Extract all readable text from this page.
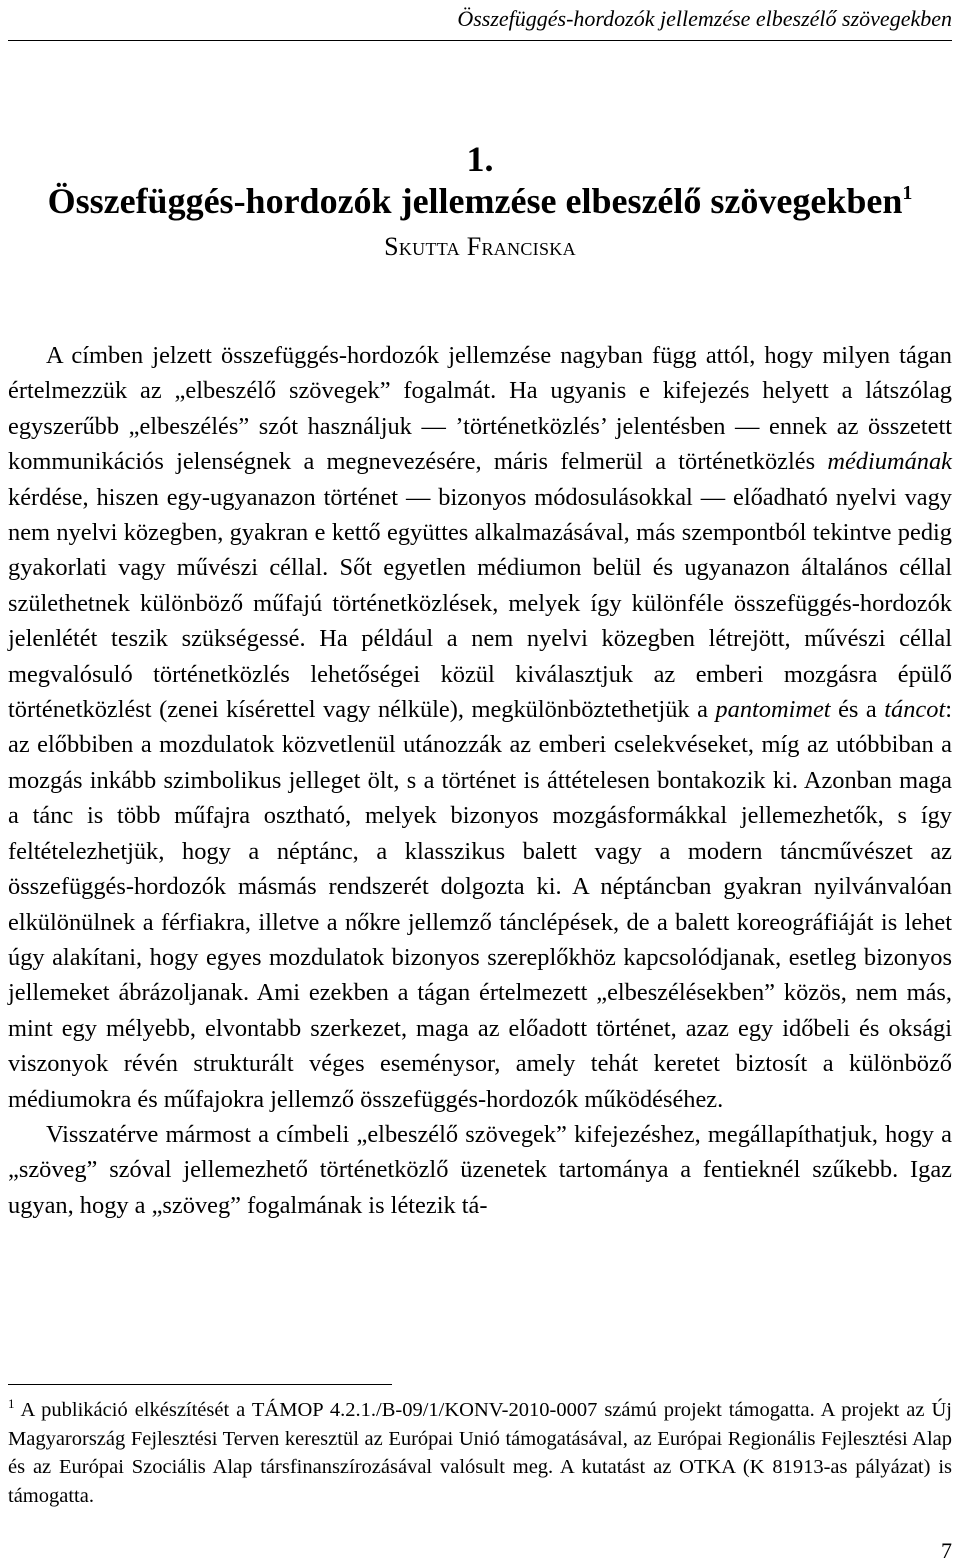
Összefüggés-hordozók jellemzése elbeszélő szövegekben
1.
Összefüggés-hordozók jellemzése elbeszélő szövegekben$^1$
Skutta Franciska

A címben jelzett összefüggés-hordozók jellemzése nagyban függ attól, hogy milyen tágan értelmezzük az „elbeszélő szövegek” fogalmát. Ha ugyanis e kifejezés helyett a látszólag egyszerűbb „elbeszélés” szót használjuk — ’történetközlés’ jelentésben — ennek az összetett kommunikációs jelenségnek a megnevezésére, máris felmerül a történetközlés médiumának kérdése, hiszen egy-ugyanazon történet — bizonyos módosulásokkal — előadható nyelvi vagy nem nyelvi közegben, gyakran e kettő együttes alkalmazásával, más szempontból tekintve pedig gyakorlati vagy művészi céllal. Sőt egyetlen médiumon belül és ugyanazon általános céllal születhetnek különböző műfajú történetközlések, melyek így különféle összefüggés-hordozók jelenlétét teszik szükségessé. Ha például a nem nyelvi közegben létrejött, művészi céllal megvalósuló történetközlés lehetőségei közül kiválasztjuk az emberi mozgásra épülő történetközlést (zenei kísérettel vagy nélküle), megkülönböztethetjük a pantomimet és a táncot: az előbbiben a mozdulatok közvetlenül utánozzák az emberi cselekvéseket, míg az utóbbiban a mozgás inkább szimbolikus jelleget ölt, s a történet is áttételesen bontakozik ki. Azonban maga a tánc is több műfajra osztható, melyek bizonyos mozgásformákkal jellemezhetők, s így feltételezhetjük, hogy a néptánc, a klasszikus balett vagy a modern táncművészet az összefüggés-hordozók másmás rendszerét dolgozta ki. A néptáncban gyakran nyilvánvalóan elkülönülnek a férfiakra, illetve a nőkre jellemző tánclépések, de a balett koreográfiáját is lehet úgy alakítani, hogy egyes mozdulatok bizonyos szereplőkhöz kapcsolódjanak, esetleg bizonyos jellemeket ábrázoljanak. Ami ezekben a tágan értelmezett „elbeszélésekben” közös, nem más, mint egy mélyebb, elvontabb szerkezet, maga az előadott történet, azaz egy időbeli és oksági viszonyok révén strukturált véges eseménysor, amely tehát keretet biztosít a különböző médiumokra és műfajokra jellemző összefüggés-hordozók működéséhez.

Visszatérve mármost a címbeli „elbeszélő szövegek” kifejezéshez, megállapíthatjuk, hogy a „szöveg” szóval jellemezhető történetközlő üzenetek tartománya a fentieknél szűkebb. Igaz ugyan, hogy a „szöveg” fogalmának is létezik tá-

$^1$ A publikáció elkészítését a TÁMOP 4.2.1./B-09/1/KONV-2010-0007 számú projekt támogatta. A projekt az Új Magyarország Fejlesztési Terven keresztül az Európai Unió támogatásával, az Európai Regionális Fejlesztési Alap és az Európai Szociális Alap társfinanszírozásával valósult meg. A kutatást az OTKA (K 81913-as pályázat) is támogatta.
7
